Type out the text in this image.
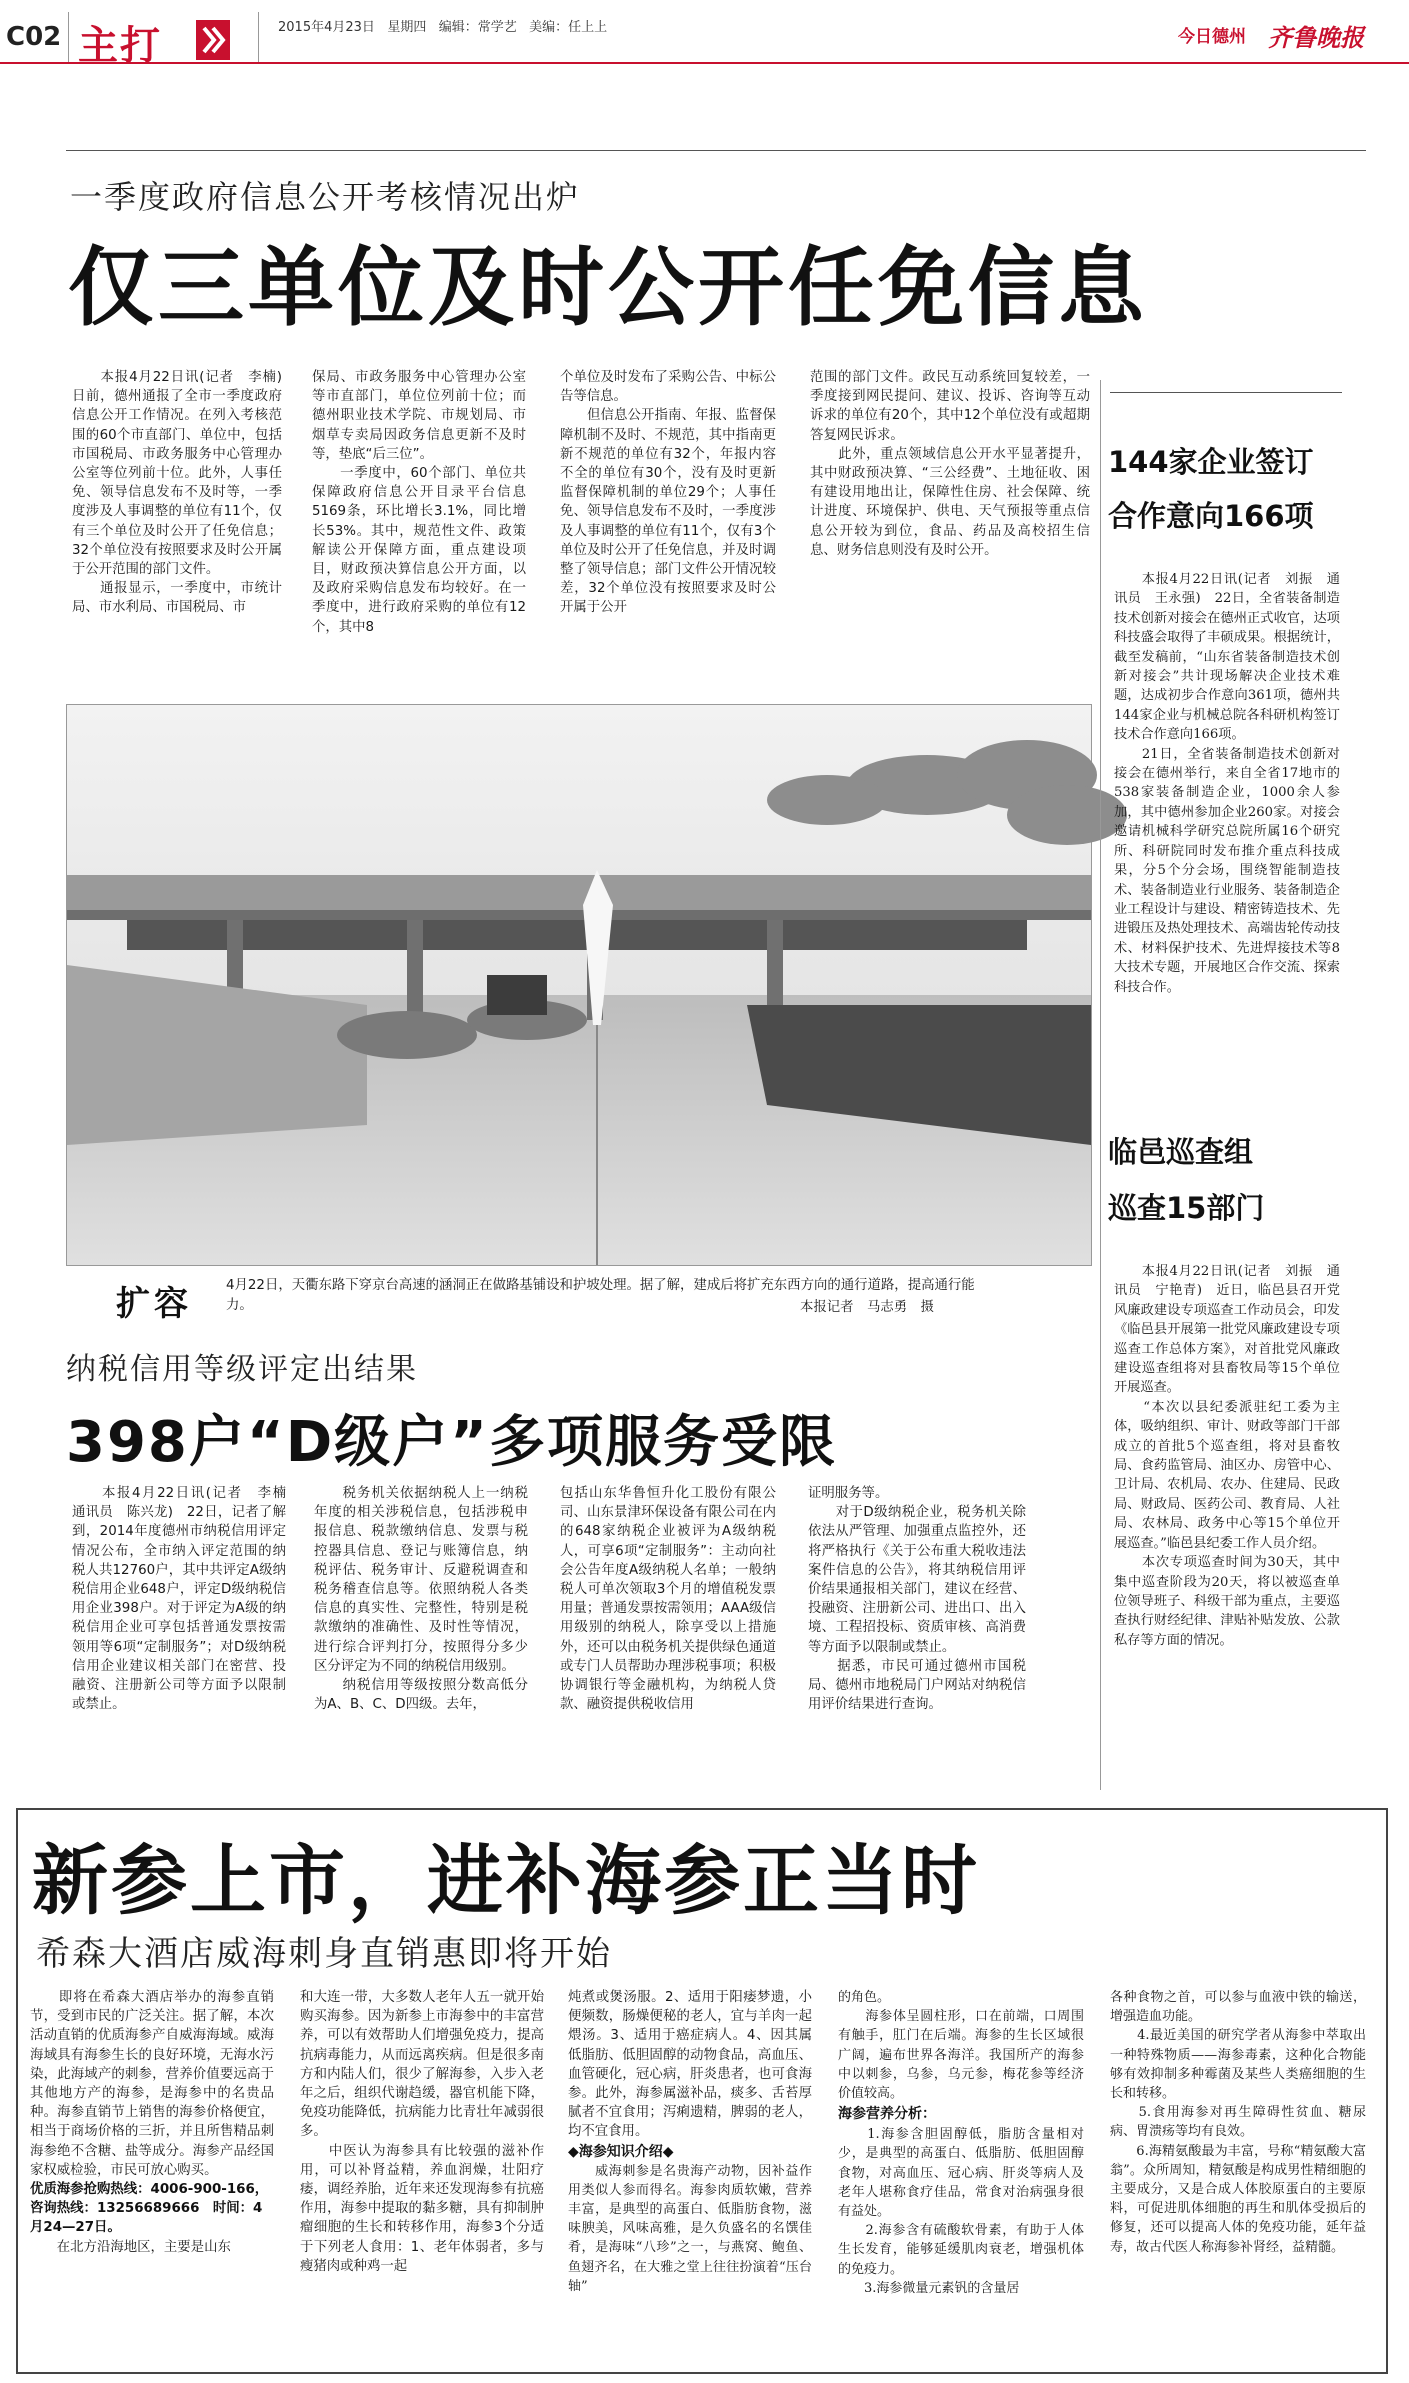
C02 主打	2015年4月23日 星期四 编辑：常学艺 美编：任上上	今日德州 齐鲁晚报
一季度政府信息公开考核情况出炉
仅三单位及时公开任免信息
　　本报4月22日讯(记者　李楠)　日前，德州通报了全市一季度政府信息公开工作情况。在列入考核范围的60个市直部门、单位中，包括市国税局、市政务服务中心管理办公室等位列前十位。此外，人事任免、领导信息发布不及时等，一季度涉及人事调整的单位有11个，仅有三个单位及时公开了任免信息；32个单位没有按照要求及时公开属于公开范围的部门文件。
　　通报显示，一季度中，市统计局、市水利局、市国税局、市
保局、市政务服务中心管理办公室等市直部门，单位位列前十位；而德州职业技术学院、市规划局、市烟草专卖局因政务信息更新不及时等，垫底“后三位”。
　　一季度中，60个部门、单位共保障政府信息公开目录平台信息5169条，环比增长3.1%，同比增长53%。其中，规范性文件、政策解读公开保障方面，重点建设项目，财政预决算信息公开方面，以及政府采购信息发布均较好。在一季度中，进行政府采购的单位有12个，其中8
个单位及时发布了采购公告、中标公告等信息。
　　但信息公开指南、年报、监督保障机制不及时、不规范，其中指南更新不规范的单位有32个，年报内容不全的单位有30个，没有及时更新监督保障机制的单位29个；人事任免、领导信息发布不及时，一季度涉及人事调整的单位有11个，仅有3个单位及时公开了任免信息，并及时调整了领导信息；部门文件公开情况较差，32个单位没有按照要求及时公开属于公开
范围的部门文件。政民互动系统回复较差，一季度接到网民提问、建议、投诉、咨询等互动诉求的单位有20个，其中12个单位没有或超期答复网民诉求。
　　此外，重点领域信息公开水平显著提升，其中财政预决算、“三公经费”、土地征收、困有建设用地出让，保障性住房、社会保障、统计进度、环境保护、供电、天气预报等重点信息公开较为到位，食品、药品及高校招生信息、财务信息则没有及时公开。
扩容	4月22日，天衢东路下穿京台高速的涵洞正在做路基铺设和护坡处理。据了解，建成后将扩充东西方向的通行道路，提高通行能力。	本报记者　马志勇　摄
纳税信用等级评定出结果
398户“D级户”多项服务受限
　　本报4月22日讯(记者　李楠　通讯员　陈兴龙)　22日，记者了解到，2014年度德州市纳税信用评定情况公布，全市纳入评定范围的纳税人共12760户，其中共评定A级纳税信用企业648户，评定D级纳税信用企业398户。对于评定为A级的纳税信用企业可享包括普通发票按需领用等6项“定制服务”；对D级纳税信用企业建议相关部门在密营、投融资、注册新公司等方面予以限制或禁止。
　　税务机关依据纳税人上一纳税年度的相关涉税信息，包括涉税申报信息、税款缴纳信息、发票与税控器具信息、登记与账簿信息，纳税评估、税务审计、反避税调查和税务稽查信息等。依照纳税人各类信息的真实性、完整性，特别是税款缴纳的准确性、及时性等情况，进行综合评判打分，按照得分多少区分评定为不同的纳税信用级别。
　　纳税信用等级按照分数高低分为A、B、C、D四级。去年，
包括山东华鲁恒升化工股份有限公司、山东景津环保设备有限公司在内的648家纳税企业被评为A级纳税人，可享6项“定制服务”：主动向社会公告年度A级纳税人名单；一般纳税人可单次领取3个月的增值税发票用量；普通发票按需领用；AAA级信用级别的纳税人，除享受以上措施外，还可以由税务机关提供绿色通道或专门人员帮助办理涉税事项；积极协调银行等金融机构，为纳税人贷款、融资提供税收信用
证明服务等。
　　对于D级纳税企业，税务机关除依法从严管理、加强重点监控外，还将严格执行《关于公布重大税收违法案件信息的公告》，将其纳税信用评价结果通报相关部门，建议在经营、投融资、注册新公司、进出口、出入境、工程招投标、资质审核、高消费等方面予以限制或禁止。
　　据悉，市民可通过德州市国税局、德州市地税局门户网站对纳税信用评价结果进行查询。
144家企业签订
合作意向166项
　　本报4月22日讯(记者　刘振　通讯员　王永强)　22日，全省装备制造技术创新对接会在德州正式收官，达项科技盛会取得了丰硕成果。根据统计，截至发稿前，“山东省装备制造技术创新对接会”共计现场解决企业技术难题，达成初步合作意向361项，德州共144家企业与机械总院各科研机构签订技术合作意向166项。
　　21日，全省装备制造技术创新对接会在德州举行，来自全省17地市的538家装备制造企业，1000余人参加，其中德州参加企业260家。对接会邀请机械科学研究总院所属16个研究所、科研院同时发布推介重点科技成果，分5个分会场，围绕智能制造技术、装备制造业行业服务、装备制造企业工程设计与建设、精密铸造技术、先进锻压及热处理技术、高端齿轮传动技术、材料保护技术、先进焊接技术等8大技术专题，开展地区合作交流、探索科技合作。
临邑巡查组
巡查15部门
　　本报4月22日讯(记者　刘振　通讯员　宁艳青)　近日，临邑县召开党风廉政建设专项巡查工作动员会，印发《临邑县开展第一批党风廉政建设专项巡查工作总体方案》，对首批党风廉政建设巡查组将对县畜牧局等15个单位开展巡查。
　　“本次以县纪委派驻纪工委为主体，吸纳组织、审计、财政等部门干部成立的首批5个巡查组，将对县畜牧局、食药监管局、油区办、房管中心、卫计局、农机局、农办、住建局、民政局、财政局、医药公司、教育局、人社局、农林局、政务中心等15个单位开展巡查。”临邑县纪委工作人员介绍。
　　本次专项巡查时间为30天，其中集中巡查阶段为20天，将以被巡查单位领导班子、科级干部为重点，主要巡查执行财经纪律、津贴补贴发放、公款私存等方面的情况。
新参上市，进补海参正当时
希森大酒店威海刺身直销惠即将开始
　　即将在希森大酒店举办的海参直销节，受到市民的广泛关注。据了解，本次活动直销的优质海参产自威海海域。威海海域具有海参生长的良好环境，无海水污染，此海域产的刺参，营养价值要远高于其他地方产的海参，是海参中的名贵品种。海参直销节上销售的海参价格便宜，相当于商场价格的三折，并且所售精品刺海参绝不含糖、盐等成分。海参产品经国家权威检验，市民可放心购买。
优质海参抢购热线：4006-900-166，咨询热线：13256689666　时间：4月24—27日。
　　在北方沿海地区，主要是山东
和大连一带，大多数人老年人五一就开始购买海参。因为新参上市海参中的丰富营养，可以有效帮助人们增强免疫力，提高抗病毒能力，从而远离疾病。但是很多南方和内陆人们，很少了解海参，入步入老年之后，组织代谢趋缓，器官机能下降，免疫功能降低，抗病能力比青壮年减弱很多。
　　中医认为海参具有比较强的滋补作用，可以补肾益精，养血润燥，壮阳疗痿，调经养胎，近年来还发现海参有抗癌作用，海参中提取的黏多糖，具有抑制肿瘤细胞的生长和转移作用，海参3个分适于下列老人食用：1、老年体弱者，多与瘦猪肉或种鸡一起
炖煮或煲汤服。2、适用于阳痿梦遗，小便频数，肠燥便秘的老人，宜与羊肉一起煨汤。3、适用于癌症病人。4、因其属低脂肪、低胆固醇的动物食品，高血压、血管硬化，冠心病，肝炎患者，也可食海参。此外，海参属滋补品，痰多、舌苔厚腻者不宜食用；泻痢遗精，脾弱的老人，均不宜食用。
◆海参知识介绍◆
　　威海刺参是名贵海产动物，因补益作用类似人参而得名。海参肉质软嫩，营养丰富，是典型的高蛋白、低脂肪食物，滋味腴美，风味高雅，是久负盛名的名馔佳肴，是海味“八珍”之一，与燕窝、鲍鱼、鱼翅齐名，在大雅之堂上往往扮演着“压台轴”
的角色。
　　海参体呈圆柱形，口在前端，口周围有触手，肛门在后端。海参的生长区域很广阔，遍布世界各海洋。我国所产的海参中以刺参，乌参，乌元参，梅花参等经济价值较高。
海参营养分析：
　　1.海参含胆固醇低，脂肪含量相对少，是典型的高蛋白、低脂肪、低胆固醇食物，对高血压、冠心病、肝炎等病人及老年人堪称食疗佳品，常食对治病强身很有益处。
　　2.海参含有硫酸软骨素，有助于人体生长发育，能够延缓肌肉衰老，增强机体的免疫力。
　　3.海参微量元素钒的含量居
各种食物之首，可以参与血液中铁的输送，增强造血功能。
　　4.最近美国的研究学者从海参中萃取出一种特殊物质——海参毒素，这种化合物能够有效抑制多种霉菌及某些人类癌细胞的生长和转移。
　　5.食用海参对再生障碍性贫血、糖尿病、胃溃疡等均有良效。
　　6.海精氨酸最为丰富，号称“精氨酸大富翁”。众所周知，精氨酸是构成男性精细胞的主要成分，又是合成人体胶原蛋白的主要原料，可促进肌体细胞的再生和肌体受损后的修复，还可以提高人体的免疫功能，延年益寿，故古代医人称海参补肾经，益精髓。
